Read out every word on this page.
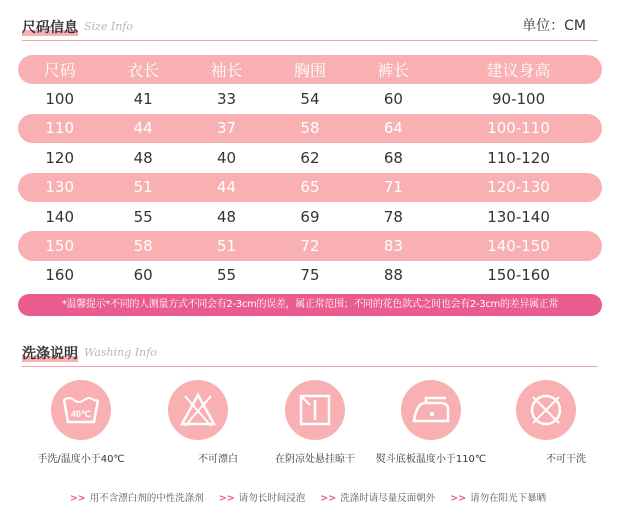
尺码信息 Size Info	单位：CM
尺码	衣长	袖长	胸围	裤长	建议身高
100	41	33	54	60	90-100
110	44	37	58	64	100-110
120	48	40	62	68	110-120
130	51	44	65	71	120-130
140	55	48	69	78	130-140
150	58	51	72	83	140-150
160	60	55	75	88	150-160
*温馨提示*不同的人测量方式不同会有2-3cm的误差，属正常范围；不同的花色款式之间也会有2-3cm的差异属正常
洗涤说明 Washing Info
40℃
手洗/温度小于40℃	不可漂白	在阴凉处悬挂晾干 熨斗底板温度小于110℃	不可干洗
>> 用不含漂白剂的中性洗涤剂 >> 请勿长时间浸泡 >> 洗涤时请尽量反面朝外 >> 请勿在阳光下暴晒
